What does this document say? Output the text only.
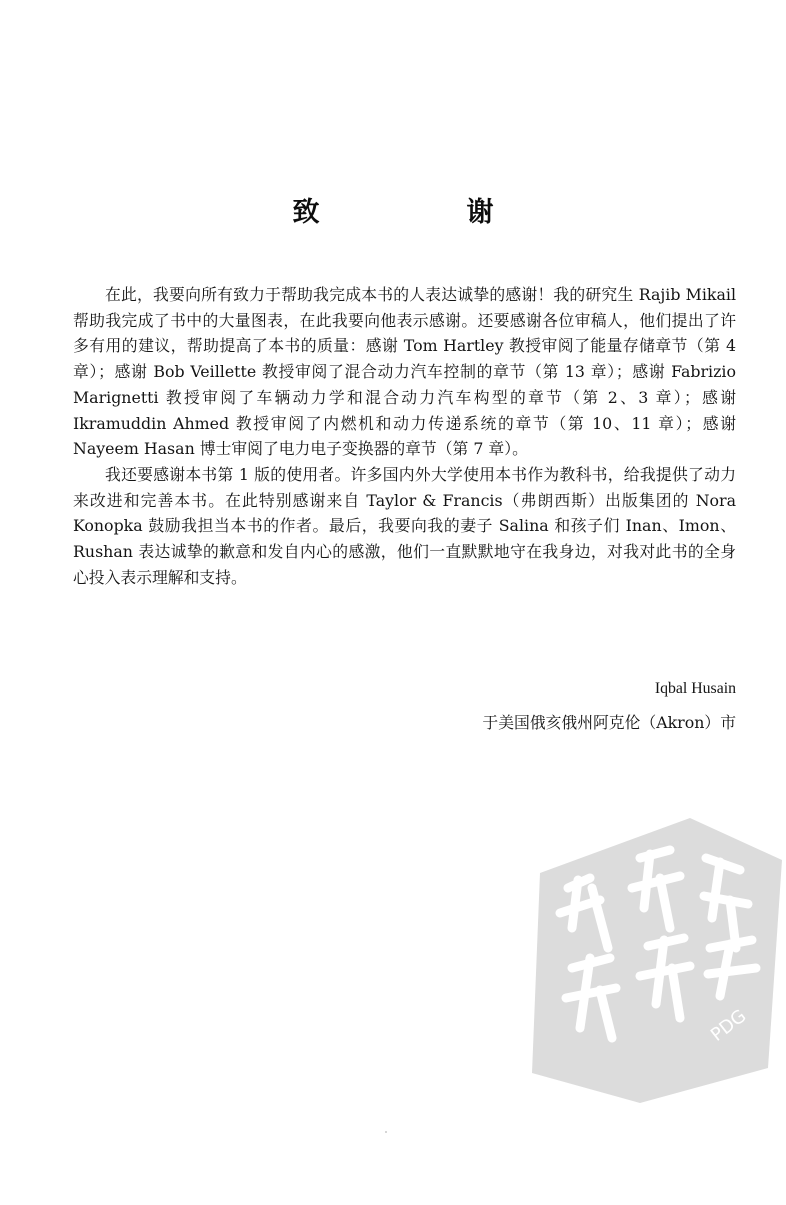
致　谢

在此，我要向所有致力于帮助我完成本书的人表达诚挚的感谢！我的研究生 Rajib Mikail 帮助我完成了书中的大量图表，在此我要向他表示感谢。还要感谢各位审稿人，他们提出了许多有用的建议，帮助提高了本书的质量：感谢 Tom Hartley 教授审阅了能量存储章节（第 4 章）；感谢 Bob Veillette 教授审阅了混合动力汽车控制的章节（第 13 章）；感谢 Fabrizio Marignetti 教授审阅了车辆动力学和混合动力汽车构型的章节（第 2、3 章）；感谢 Ikramuddin Ahmed 教授审阅了内燃机和动力传递系统的章节（第 10、11 章）；感谢 Nayeem Hasan 博士审阅了电力电子变换器的章节（第 7 章）。

我还要感谢本书第 1 版的使用者。许多国内外大学使用本书作为教科书，给我提供了动力来改进和完善本书。在此特别感谢来自 Taylor & Francis（弗朗西斯）出版集团的 Nora Konopka 鼓励我担当本书的作者。最后，我要向我的妻子 Salina 和孩子们 Inan、Imon、Rushan 表达诚挚的歉意和发自内心的感激，他们一直默默地守在我身边，对我对此书的全身心投入表示理解和支持。

Iqbal Husain
于美国俄亥俄州阿克伦（Akron）市
PDG
